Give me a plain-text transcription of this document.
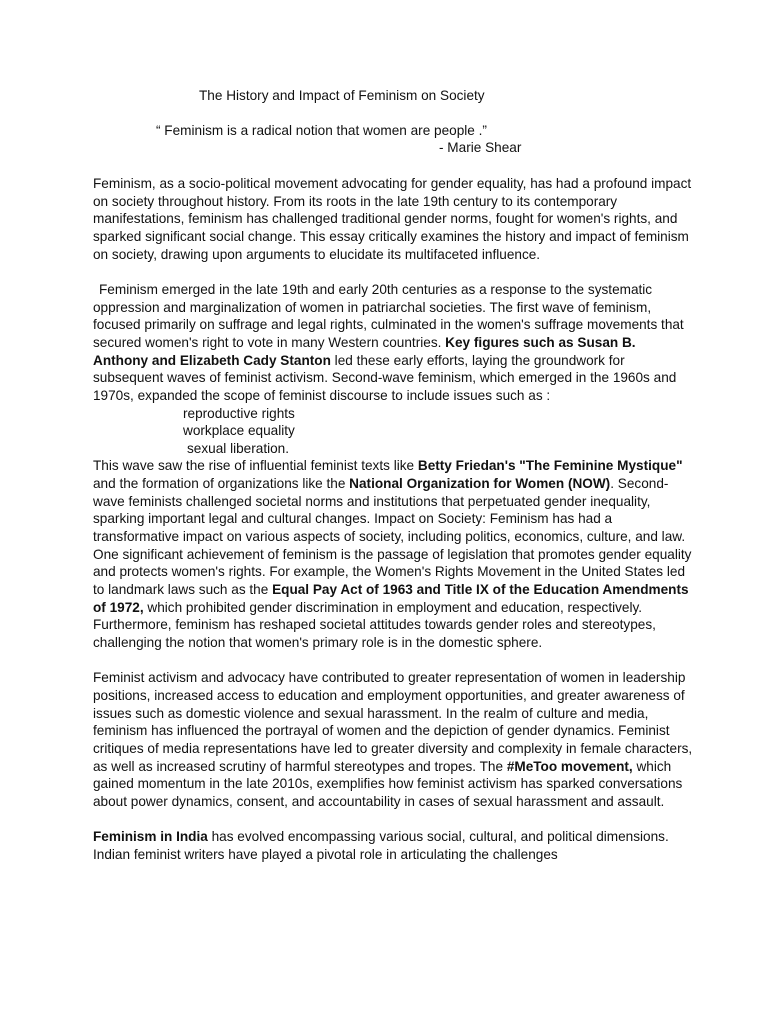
The History and Impact of Feminism on Society

“ Feminism is a radical notion that women are people .”

- Marie Shear

Feminism, as a socio-political movement advocating for gender equality, has had a profound impact on society throughout history. From its roots in the late 19th century to its contemporary manifestations, feminism has challenged traditional gender norms, fought for women's rights, and sparked significant social change. This essay critically examines the history and impact of feminism on society, drawing upon arguments to elucidate its multifaceted influence.

Feminism emerged in the late 19th and early 20th centuries as a response to the systematic oppression and marginalization of women in patriarchal societies. The first wave of feminism, focused primarily on suffrage and legal rights, culminated in the women's suffrage movements that secured women's right to vote in many Western countries. Key figures such as Susan B. Anthony and Elizabeth Cady Stanton led these early efforts, laying the groundwork for subsequent waves of feminist activism. Second-wave feminism, which emerged in the 1960s and 1970s, expanded the scope of feminist discourse to include issues such as :

reproductive rights

workplace equality

sexual liberation.

This wave saw the rise of influential feminist texts like Betty Friedan's "The Feminine Mystique" and the formation of organizations like the National Organization for Women (NOW). Second-wave feminists challenged societal norms and institutions that perpetuated gender inequality, sparking important legal and cultural changes. Impact on Society: Feminism has had a transformative impact on various aspects of society, including politics, economics, culture, and law. One significant achievement of feminism is the passage of legislation that promotes gender equality and protects women's rights. For example, the Women's Rights Movement in the United States led to landmark laws such as the Equal Pay Act of 1963 and Title IX of the Education Amendments of 1972, which prohibited gender discrimination in employment and education, respectively. Furthermore, feminism has reshaped societal attitudes towards gender roles and stereotypes, challenging the notion that women's primary role is in the domestic sphere.

Feminist activism and advocacy have contributed to greater representation of women in leadership positions, increased access to education and employment opportunities, and greater awareness of issues such as domestic violence and sexual harassment. In the realm of culture and media, feminism has influenced the portrayal of women and the depiction of gender dynamics. Feminist critiques of media representations have led to greater diversity and complexity in female characters, as well as increased scrutiny of harmful stereotypes and tropes. The #MeToo movement, which gained momentum in the late 2010s, exemplifies how feminist activism has sparked conversations about power dynamics, consent, and accountability in cases of sexual harassment and assault.

Feminism in India has evolved encompassing various social, cultural, and political dimensions. Indian feminist writers have played a pivotal role in articulating the challenges
